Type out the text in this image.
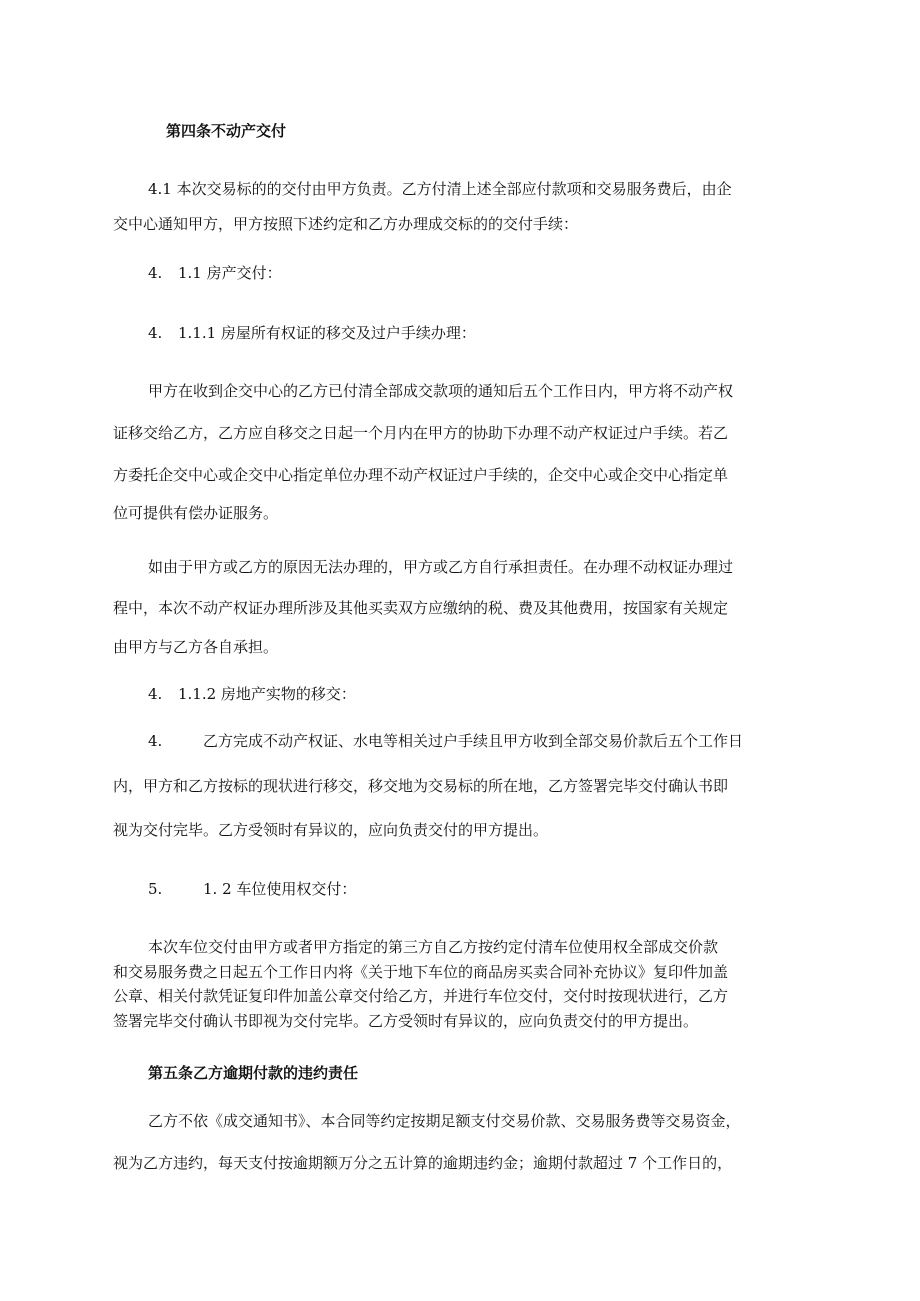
第四条不动产交付
4.1 本次交易标的的交付由甲方负责。乙方付清上述全部应付款项和交易服务费后，由企
交中心通知甲方，甲方按照下述约定和乙方办理成交标的的交付手续：
4. 1.1 房产交付：
4. 1.1.1 房屋所有权证的移交及过户手续办理：
甲方在收到企交中心的乙方已付清全部成交款项的通知后五个工作日内，甲方将不动产权
证移交给乙方，乙方应自移交之日起一个月内在甲方的协助下办理不动产权证过户手续。若乙
方委托企交中心或企交中心指定单位办理不动产权证过户手续的，企交中心或企交中心指定单
位可提供有偿办证服务。
如由于甲方或乙方的原因无法办理的，甲方或乙方自行承担责任。在办理不动权证办理过
程中，本次不动产权证办理所涉及其他买卖双方应缴纳的税、费及其他费用，按国家有关规定
由甲方与乙方各自承担。
4. 1.1.2 房地产实物的移交：
4.	乙方完成不动产权证、水电等相关过户手续且甲方收到全部交易价款后五个工作日
内，甲方和乙方按标的现状进行移交，移交地为交易标的所在地，乙方签署完毕交付确认书即
视为交付完毕。乙方受领时有异议的，应向负责交付的甲方提出。
5.	1. 2 车位使用权交付：
本次车位交付由甲方或者甲方指定的第三方自乙方按约定付清车位使用权全部成交价款
和交易服务费之日起五个工作日内将《关于地下车位的商品房买卖合同补充协议》复印件加盖
公章、相关付款凭证复印件加盖公章交付给乙方，并进行车位交付，交付时按现状进行，乙方
签署完毕交付确认书即视为交付完毕。乙方受领时有异议的，应向负责交付的甲方提出。
第五条乙方逾期付款的违约责任
乙方不依《成交通知书》、本合同等约定按期足额支付交易价款、交易服务费等交易资金，
视为乙方违约，每天支付按逾期额万分之五计算的逾期违约金；逾期付款超过 7 个工作日的，
